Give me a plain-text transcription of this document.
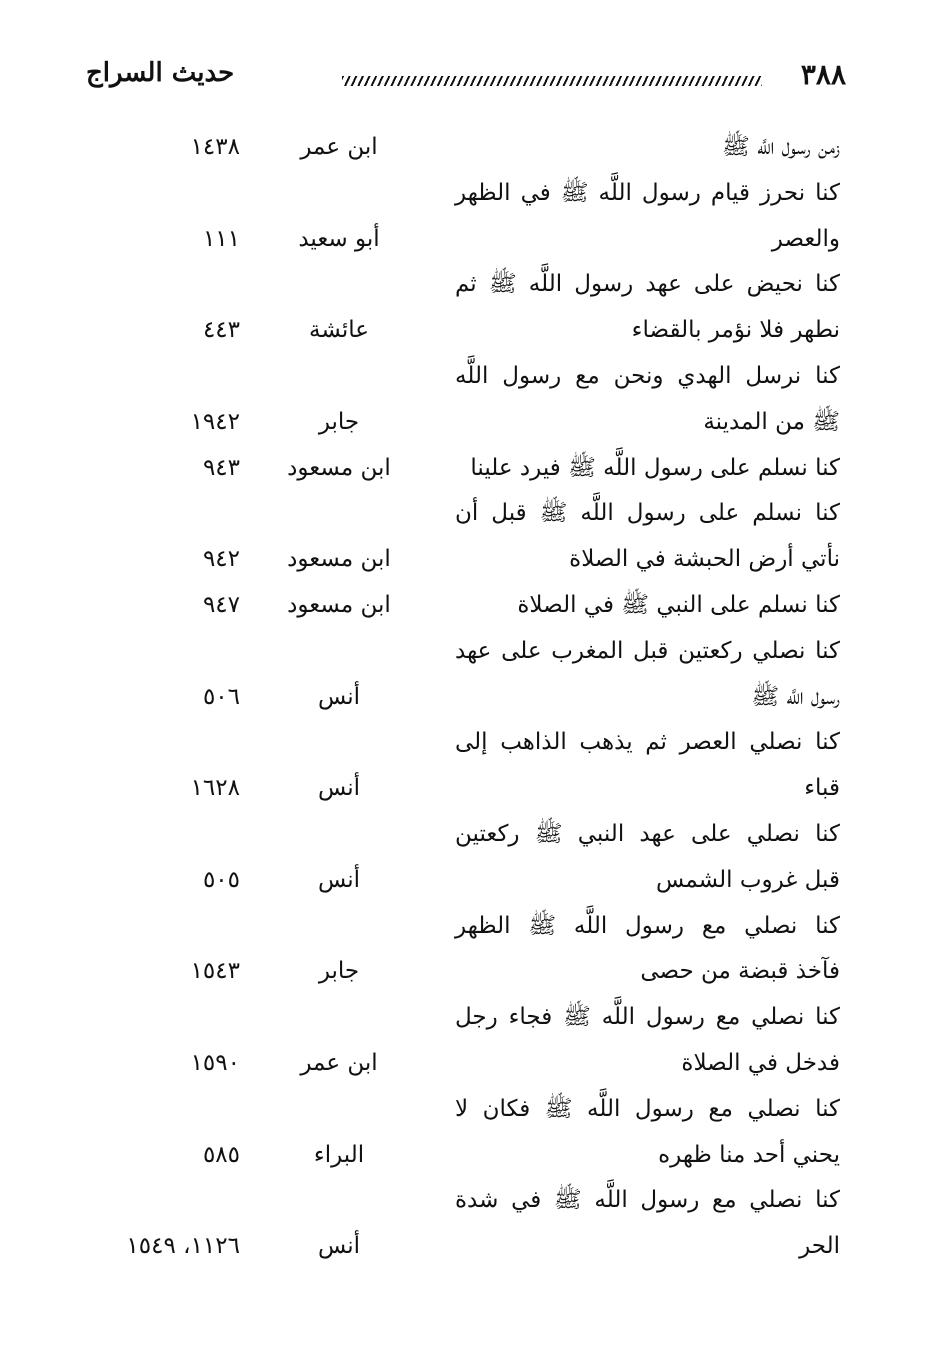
٣٨٨
حديث السراج
زمن رسول اللَّه ﷺ
ابن عمر
١٤٣٨
كنا نحرز قيام رسول اللَّه ﷺ في الظهر
والعصر
أبو سعيد
١١١
كنا نحيض على عهد رسول اللَّه ﷺ ثم
نطهر فلا نؤمر بالقضاء
عائشة
٤٤٣
كنا نرسل الهدي ونحن مع رسول اللَّه
ﷺ من المدينة
جابر
١٩٤٢
كنا نسلم على رسول اللَّه ﷺ فيرد علينا
ابن مسعود
٩٤٣
كنا نسلم على رسول اللَّه ﷺ قبل أن
نأتي أرض الحبشة في الصلاة
ابن مسعود
٩٤٢
كنا نسلم على النبي ﷺ في الصلاة
ابن مسعود
٩٤٧
كنا نصلي ركعتين قبل المغرب على عهد
رسول اللَّه ﷺ
أنس
٥٠٦
كنا نصلي العصر ثم يذهب الذاهب إلى
قباء
أنس
١٦٢٨
كنا نصلي على عهد النبي ﷺ ركعتين
قبل غروب الشمس
أنس
٥٠٥
كنا نصلي مع رسول اللَّه ﷺ الظهر
فآخذ قبضة من حصى
جابر
١٥٤٣
كنا نصلي مع رسول اللَّه ﷺ فجاء رجل
فدخل في الصلاة
ابن عمر
١٥٩٠
كنا نصلي مع رسول اللَّه ﷺ فكان لا
يحني أحد منا ظهره
البراء
٥٨٥
كنا نصلي مع رسول اللَّه ﷺ في شدة
الحر
أنس
١١٢٦، ١٥٤٩
